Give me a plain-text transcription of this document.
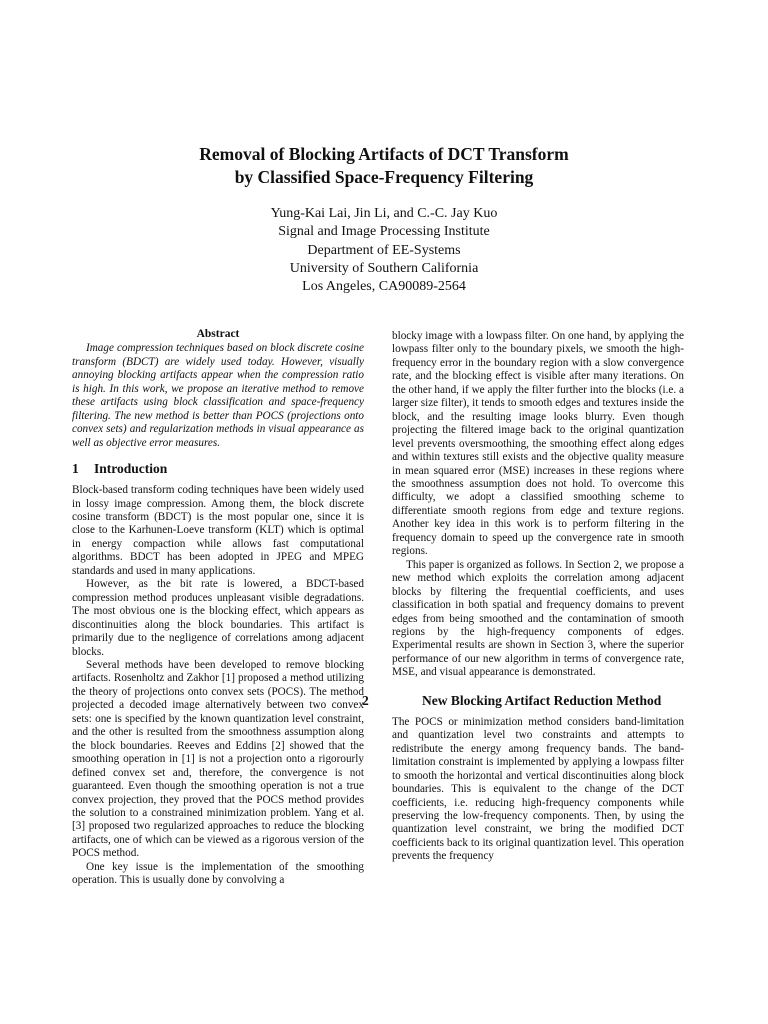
Removal of Blocking Artifacts of DCT Transform
by Classified Space-Frequency Filtering
Yung-Kai Lai, Jin Li, and C.-C. Jay Kuo
Signal and Image Processing Institute
Department of EE-Systems
University of Southern California
Los Angeles, CA90089-2564
Abstract

Image compression techniques based on block discrete cosine transform (BDCT) are widely used today. However, visually annoying blocking artifacts appear when the compression ratio is high. In this work, we propose an iterative method to remove these artifacts using block classification and space-frequency filtering. The new method is better than POCS (projections onto convex sets) and regularization methods in visual appearance as well as objective error measures.

1 Introduction

Block-based transform coding techniques have been widely used in lossy image compression. Among them, the block discrete cosine transform (BDCT) is the most popular one, since it is close to the Karhunen-Loeve transform (KLT) which is optimal in energy compaction while allows fast computational algorithms. BDCT has been adopted in JPEG and MPEG standards and used in many applications.

However, as the bit rate is lowered, a BDCT-based compression method produces unpleasant visible degradations. The most obvious one is the blocking effect, which appears as discontinuities along the block boundaries. This artifact is primarily due to the negligence of correlations among adjacent blocks.

Several methods have been developed to remove blocking artifacts. Rosenholtz and Zakhor [1] proposed a method utilizing the theory of projections onto convex sets (POCS). The method projected a decoded image alternatively between two convex sets: one is specified by the known quantization level constraint, and the other is resulted from the smoothness assumption along the block boundaries. Reeves and Eddins [2] showed that the smoothing operation in [1] is not a projection onto a rigorourly defined convex set and, therefore, the convergence is not guaranteed. Even though the smoothing operation is not a true convex projection, they proved that the POCS method provides the solution to a constrained minimization problem. Yang et al. [3] proposed two regularized approaches to reduce the blocking artifacts, one of which can be viewed as a rigorous version of the POCS method.

One key issue is the implementation of the smoothing operation. This is usually done by convolving a

blocky image with a lowpass filter. On one hand, by applying the lowpass filter only to the boundary pixels, we smooth the high-frequency error in the boundary region with a slow convergence rate, and the blocking effect is visible after many iterations. On the other hand, if we apply the filter further into the blocks (i.e. a larger size filter), it tends to smooth edges and textures inside the block, and the resulting image looks blurry. Even though projecting the filtered image back to the original quantization level prevents oversmoothing, the smoothing effect along edges and within textures still exists and the objective quality measure in mean squared error (MSE) increases in these regions where the smoothness assumption does not hold. To overcome this difficulty, we adopt a classified smoothing scheme to differentiate smooth regions from edge and texture regions. Another key idea in this work is to perform filtering in the frequency domain to speed up the convergence rate in smooth regions.

This paper is organized as follows. In Section 2, we propose a new method which exploits the correlation among adjacent blocks by filtering the frequential coefficients, and uses classification in both spatial and frequency domains to prevent edges from being smoothed and the contamination of smooth regions by the high-frequency components of edges. Experimental results are shown in Section 3, where the superior performance of our new algorithm in terms of convergence rate, MSE, and visual appearance is demonstrated.

2	New Blocking Artifact Reduction Method

The POCS or minimization method considers band-limitation and quantization level two constraints and attempts to redistribute the energy among frequency bands. The band-limitation constraint is implemented by applying a lowpass filter to smooth the horizontal and vertical discontinuities along block boundaries. This is equivalent to the change of the DCT coefficients, i.e. reducing high-frequency components while preserving the low-frequency components. Then, by using the quantization level constraint, we bring the modified DCT coefficients back to its original quantization level. This operation prevents the frequency
